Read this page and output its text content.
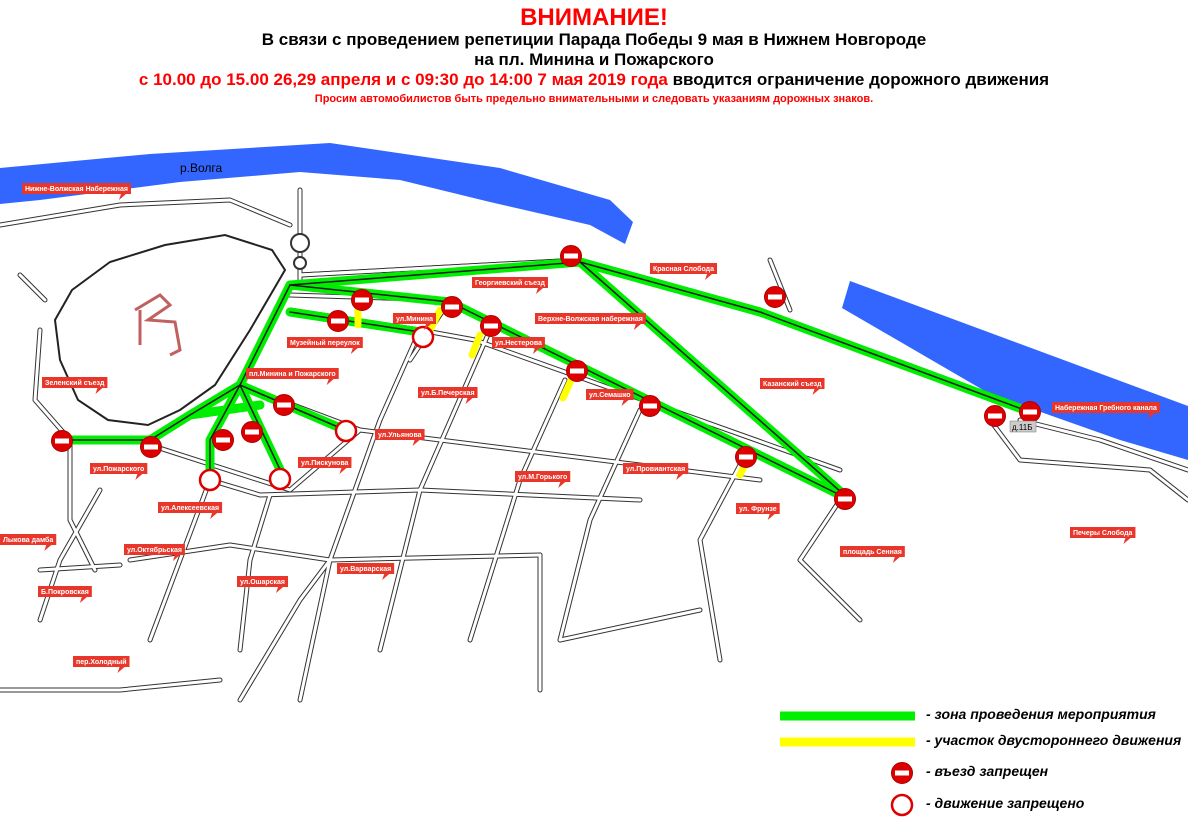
р.Волга
д.11Б
Нижне-Волжская Набережная
Георгиевский съезд
Красная Слобода
Верхне-Волжская набережная
ул.Минина
Музейный переулок	ул.Нестерова
пл.Минина и Пожарского
Зеленский съезд
ул.Б.Печерская	ул.Семашко
Казанский съезд
Набережная Гребного канала
ул.Ульянова
ул.Провиантская
ул.Пожарского
ул.Пискунова
ул.М.Горького
ул. Фрунзе
ул.Алексеевская
Печеры Слобода
Лыкова дамба
ул.Октябрьская	площадь Сенная
ул.Варварская
ул.Ошарская
Б.Покровская
пер.Холодный
ВНИМАНИЕ!
В связи с проведением репетиции Парада Победы 9 мая в Нижнем Новгороде
на пл. Минина и Пожарского
с 10.00 до 15.00 26,29 апреля и с 09:30 до 14:00 7 мая 2019 года вводится ограничение дорожного движения
Просим автомобилистов быть предельно внимательными и следовать указаниям дорожных знаков.
- зона проведения мероприятия
- участок двустороннего движения
- въезд запрещен
- движение запрещено
